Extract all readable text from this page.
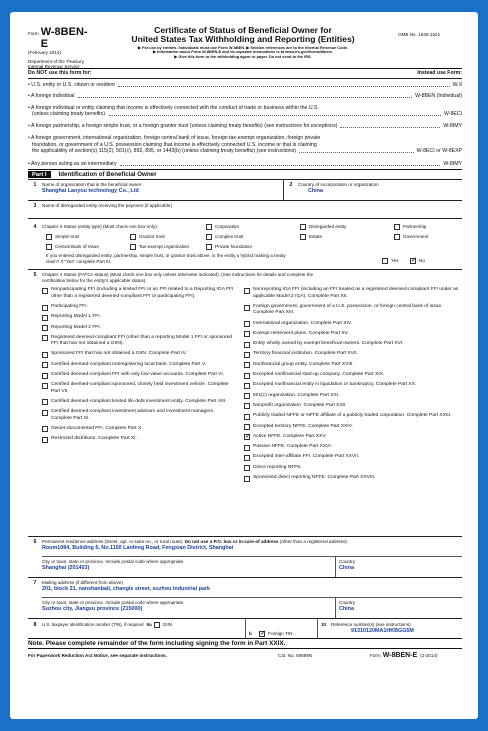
Form W-8BEN-E
(February 2014)
Department of the Treasury
Internal Revenue Service
Certificate of Status of Beneficial Owner for
United States Tax Withholding and Reporting (Entities)
▶ For use by entities. Individuals must use Form W-8BEN. ▶ Section references are to the Internal Revenue Code.
▶ Information about Form W-8BEN-E and its separate instructions is at www.irs.gov/formw8bene.
▶ Give this form to the withholding agent or payer. Do not send to the IRS.
OMB No. 1545-1621
Do NOT use this form for:	Instead use Form:
• U.S. entity or U.S. citizen or resident	W-9
• A foreign individual	W-8BEN (Individual)
• A foreign individual or entity claiming that income is effectively connected with the conduct of trade or business within the U.S.
(unless claiming treaty benefits).	W-8ECI
• A foreign partnership, a foreign simple trust, or a foreign grantor trust (unless claiming treaty benefits) (see instructions for exceptions)	W-8IMY
• A foreign government, international organization, foreign central bank of issue, foreign tax-exempt organization, foreign private
foundation, or government of a U.S. possession claiming that income is effectively connected U.S. income or that is claiming
the applicability of section(s) 115(2), 501(c), 892, 895, or 1443(b) (unless claiming treaty benefits) (see instructions)	W-8ECI or W-8EXP
• Any person acting as an intermediary	W-8IMY
Part I	Identification of Beneficial Owner
1	Name of organization that is the beneficial owner
Shanghai Lanyou technology Co., Ltd
2	Country of incorporation or organization
China
3	Name of disregarded entity receiving the payment (if applicable)
4	Chapter 3 Status (entity type) (Must check one box only):	Corporation	Disregarded entity	Partnership
Simple trust	Grantor trust	Complex trust	Estate	Government
Central Bank of Issue	Tax-exempt organization	Private foundation
If you entered disregarded entity, partnership, simple trust, or grantor trust above, is the entity a hybrid making a treaty
claim? If "Yes" complete Part III.	Yes ✓	No
5	Chapter 4 Status (FATCA status) (Must check one box only unless otherwise indicated). (See instructions for details and complete the
certification below for the entity's applicable status).
Nonparticipating FFI (including a limited FFI or an FFI related to a Reporting IGA FFI other than a registered deemed-compliant FFI or participating FFI).
Participating FFI.
Reporting Model 1 FFI.
Reporting Model 2 FFI.
Registered deemed-compliant FFI (other than a reporting Model 1 FFI or sponsored FFI that has not obtained a GIIN).
Sponsored FFI that has not obtained a GIIN. Complete Part IV.
Certified deemed-compliant nonregistering local bank. Complete Part V.
Certified deemed-compliant FFI with only low-value accounts. Complete Part VI.
Certified deemed-compliant sponsored, closely held investment vehicle. Complete Part VII.
Certified deemed-compliant limited life debt investment entity. Complete Part VIII.
Certified deemed-compliant investment advisors and investment managers. Complete Part IX.
Owner-documented FFI. Complete Part X.
Restricted distributor. Complete Part XI.
Nonreporting IGA FFI (including an FFI treated as a registered deemed-compliant FFI under an applicable Model 2 IGA). Complete Part XII.
Foreign government, government of a U.S. possession, or foreign central bank of issue. Complete Part XIII.
International organization. Complete Part XIV.
Exempt retirement plans. Complete Part XV.
Entity wholly owned by exempt beneficial owners. Complete Part XVI.
Territory financial institution. Complete Part XVII.
Nonfinancial group entity. Complete Part XVIII.
Excepted nonfinancial start-up company. Complete Part XIX.
Excepted nonfinancial entity in liquidation or bankruptcy. Complete Part XX.
501(c) organization. Complete Part XXI.
Nonprofit organization. Complete Part XXII.
Publicly traded NFFE or NFFE affiliate of a publicly traded corporation. Complete Part XXIII.
Excepted territory NFFE. Complete Part XXIV.
✓
Active NFFE. Complete Part XXV.
Passive NFFE. Complete Part XXVI.
Excepted inter-affiliate FFI. Complete Part XXVII.
Direct reporting NFFE.
Sponsored direct reporting NFFE. Complete Part XXVIII.
6	Permanent residence address (street, apt. or suite no., or rural route). Do not use a P.O. box or in-care-of address (other than a registered address).
Room1084, Building 6, No.1150 Lanfeng Road, Fengxian District, Shanghai
City or town, state or province. Include postal code where appropriate.
Shanghai (201403)
Country
China
7	Mailing address (if different from above)
201, block 21, nanshanbali, changle street, suzhou industrial park
City or town, state or province. Include postal code where appropriate.
Suzhou city, Jiangsu province (215000)
Country
China
8	U.S. taxpayer identification number (TIN), if required 9a	GIIN
b ✓	Foreign TIN
10	Reference number(s) (see instructions)
91310120MA1HKBGG5M
Note. Please complete remainder of the form including signing the form in Part XXIX.
For Paperwork Reduction Act Notice, see separate instructions.	Cat. No. 59689N	Form W-8BEN-E (2-2014)
